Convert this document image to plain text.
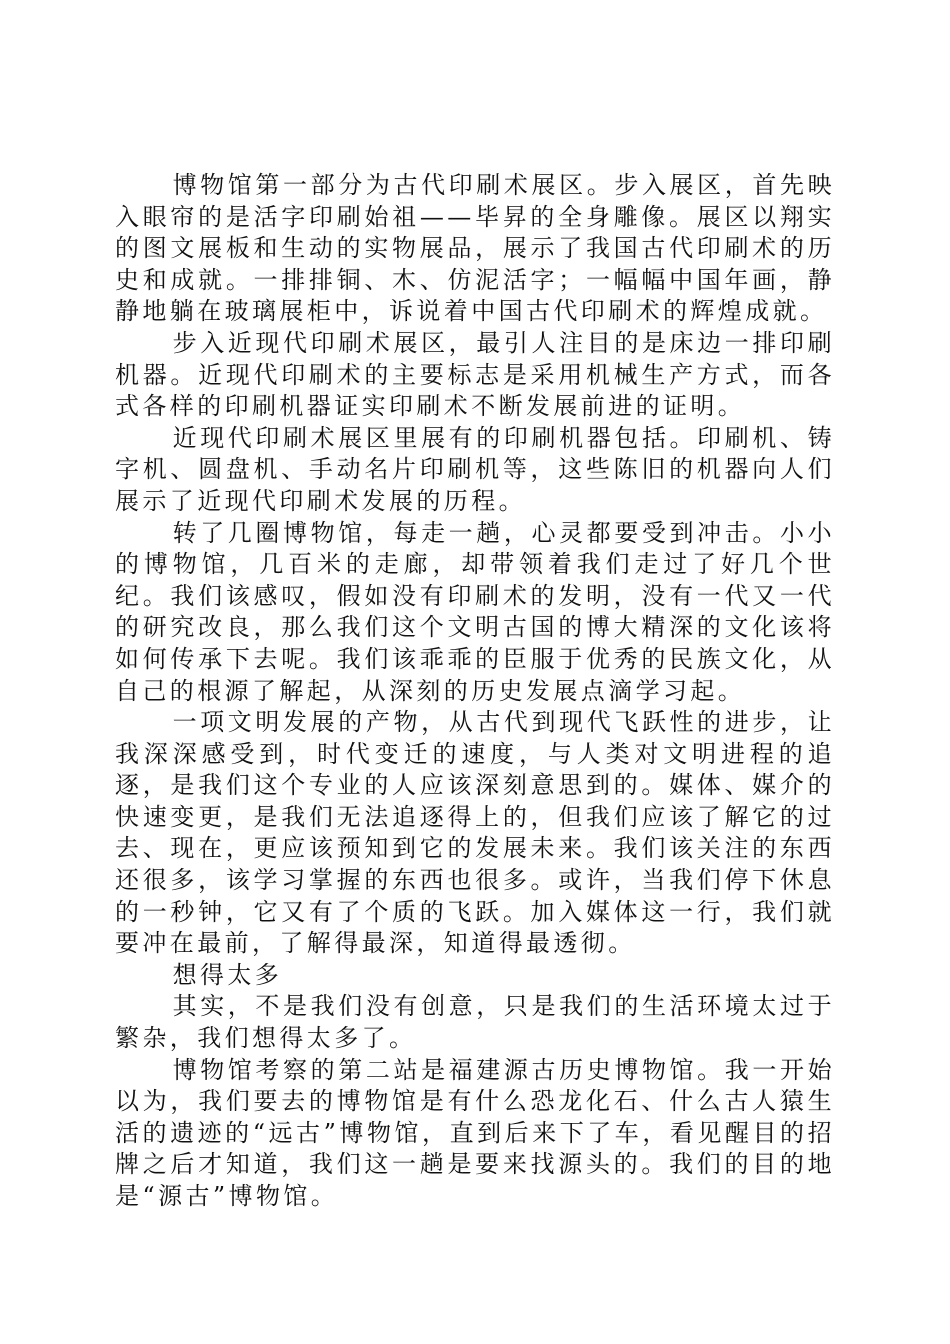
博物馆第一部分为古代印刷术展区。步入展区，首先映入眼帘的是活字印刷始祖——毕昇的全身雕像。展区以翔实的图文展板和生动的实物展品，展示了我国古代印刷术的历史和成就。一排排铜、木、仿泥活字；一幅幅中国年画，静静地躺在玻璃展柜中，诉说着中国古代印刷术的辉煌成就。

步入近现代印刷术展区，最引人注目的是床边一排印刷机器。近现代印刷术的主要标志是采用机械生产方式，而各式各样的印刷机器证实印刷术不断发展前进的证明。

近现代印刷术展区里展有的印刷机器包括。印刷机、铸字机、圆盘机、手动名片印刷机等，这些陈旧的机器向人们展示了近现代印刷术发展的历程。

转了几圈博物馆，每走一趟，心灵都要受到冲击。小小的博物馆，几百米的走廊，却带领着我们走过了好几个世纪。我们该感叹，假如没有印刷术的发明，没有一代又一代的研究改良，那么我们这个文明古国的博大精深的文化该将如何传承下去呢。我们该乖乖的臣服于优秀的民族文化，从自己的根源了解起，从深刻的历史发展点滴学习起。

一项文明发展的产物，从古代到现代飞跃性的进步，让我深深感受到，时代变迁的速度，与人类对文明进程的追逐，是我们这个专业的人应该深刻意思到的。媒体、媒介的快速变更，是我们无法追逐得上的，但我们应该了解它的过去、现在，更应该预知到它的发展未来。我们该关注的东西还很多，该学习掌握的东西也很多。或许，当我们停下休息的一秒钟，它又有了个质的飞跃。加入媒体这一行，我们就要冲在最前，了解得最深，知道得最透彻。

想得太多

其实，不是我们没有创意，只是我们的生活环境太过于繁杂，我们想得太多了。

博物馆考察的第二站是福建源古历史博物馆。我一开始以为，我们要去的博物馆是有什么恐龙化石、什么古人猿生活的遗迹的“远古”博物馆，直到后来下了车，看见醒目的招牌之后才知道，我们这一趟是要来找源头的。我们的目的地是“源古”博物馆。
